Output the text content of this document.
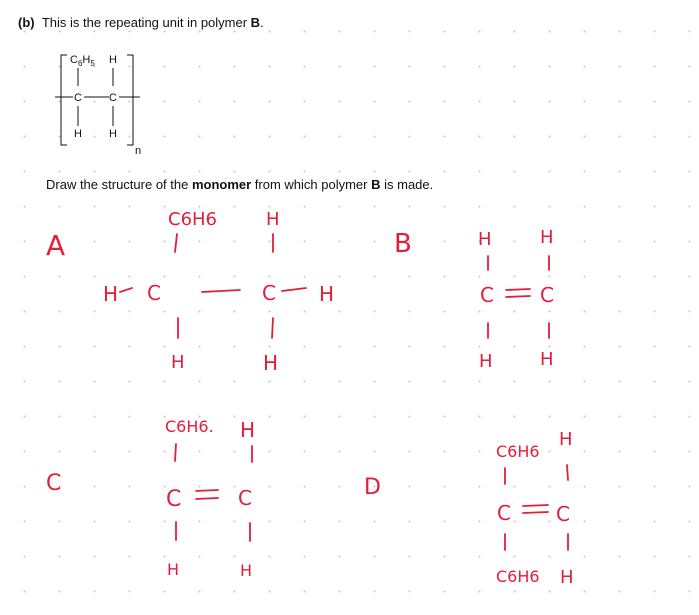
(b) This is the repeating unit in polymer B.
$C_6H_5$ H
C C
H H
n
Draw the structure of the monomer from which polymer B is made.
A
C6H6	H
H C	C H
H	H
B	H	H
C C
H	H
C
C6H6. H
C	C
H	H
D
C6H6
H
C C
C6H6 H
